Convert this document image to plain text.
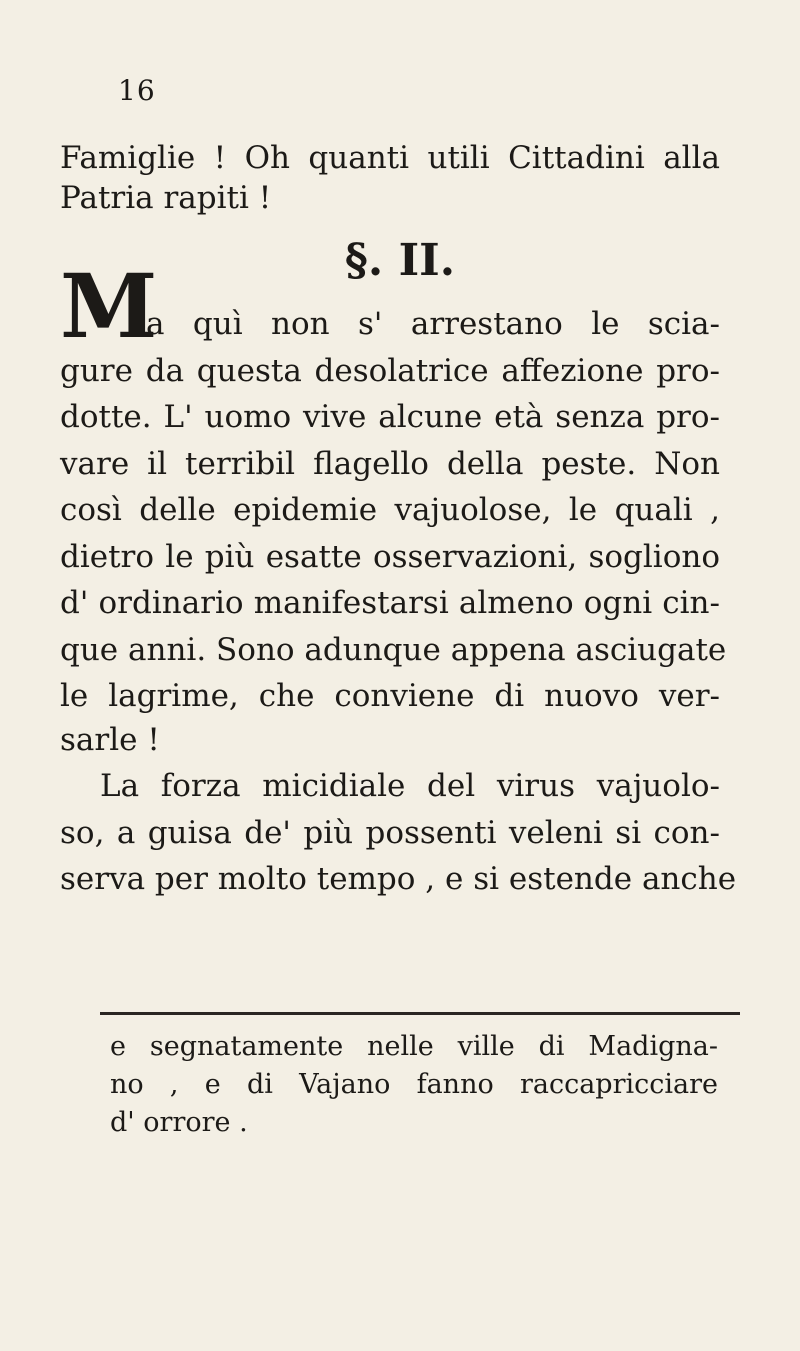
16
Famiglie ! Oh quanti utili Cittadini alla
Patria rapiti !
§. II.
M
a quì non s' arrestano le scia-
gure da questa desolatrice affezione pro-
dotte. L' uomo vive alcune età senza pro-
vare il terribil flagello della peste. Non
così delle epidemie vajuolose, le quali ,
dietro le più esatte osservazioni, sogliono
d' ordinario manifestarsi almeno ogni cin-
que anni. Sono adunque appena asciugate
le lagrime, che conviene di nuovo ver-
sarle !
La forza micidiale del virus vajuolo-
so, a guisa de' più possenti veleni si con-
serva per molto tempo , e si estende anche
e segnatamente nelle ville di Madigna-
no , e di Vajano fanno raccapricciare
d' orrore .
